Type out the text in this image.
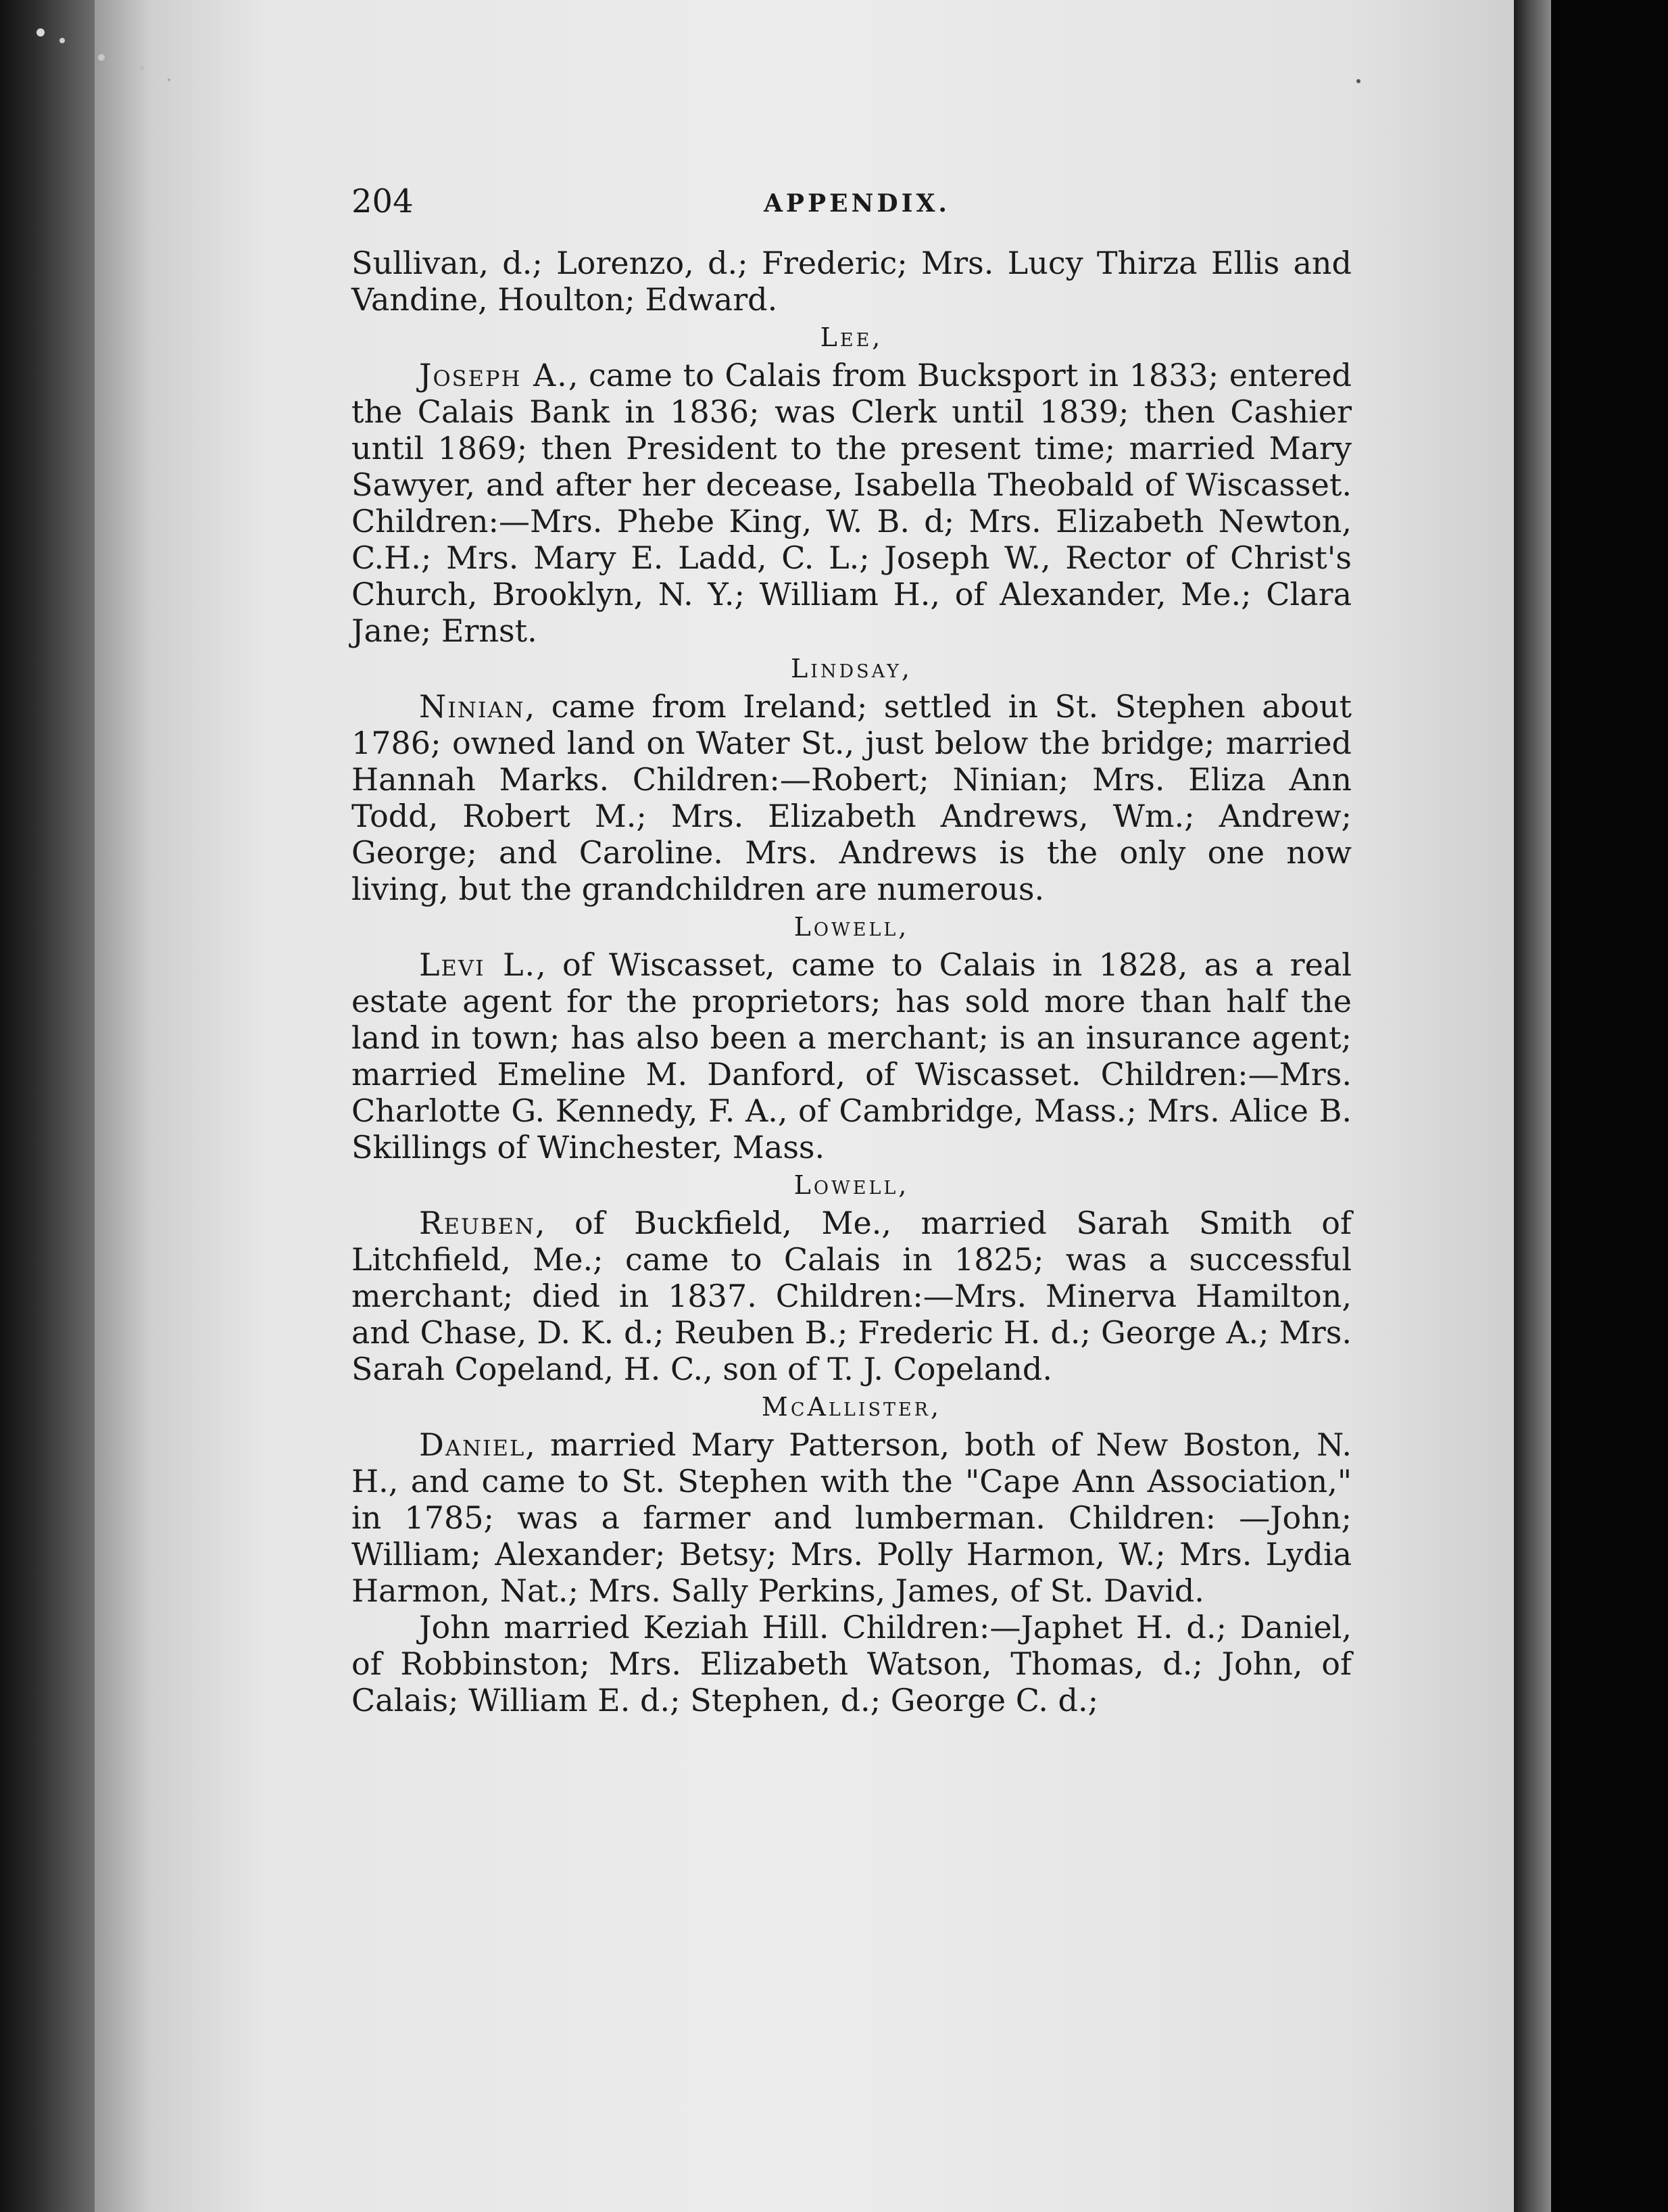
204	APPENDIX.

Sullivan, d.; Lorenzo, d.; Frederic; Mrs. Lucy Thirza Ellis and Vandine, Houlton; Edward.

Lee,

Joseph A., came to Calais from Bucksport in 1833; entered the Calais Bank in 1836; was Clerk until 1839; then Cashier until 1869; then President to the present time; married Mary Sawyer, and after her decease, Isabella Theobald of Wiscasset. Children:—Mrs. Phebe King, W. B. d; Mrs. Elizabeth Newton, C.H.; Mrs. Mary E. Ladd, C. L.; Joseph W., Rector of Christ's Church, Brooklyn, N. Y.; William H., of Alexander, Me.; Clara Jane; Ernst.

Lindsay,

Ninian, came from Ireland; settled in St. Stephen about 1786; owned land on Water St., just below the bridge; married Hannah Marks. Children:—Robert; Ninian; Mrs. Eliza Ann Todd, Robert M.; Mrs. Elizabeth Andrews, Wm.; Andrew; George; and Caroline. Mrs. Andrews is the only one now living, but the grandchildren are numerous.

Lowell,

Levi L., of Wiscasset, came to Calais in 1828, as a real estate agent for the proprietors; has sold more than half the land in town; has also been a merchant; is an insurance agent; married Emeline M. Danford, of Wiscasset. Children:—Mrs. Charlotte G. Kennedy, F. A., of Cambridge, Mass.; Mrs. Alice B. Skillings of Winchester, Mass.

Lowell,

Reuben, of Buckfield, Me., married Sarah Smith of Litchfield, Me.; came to Calais in 1825; was a successful merchant; died in 1837. Children:—Mrs. Minerva Hamilton, and Chase, D. K. d.; Reuben B.; Frederic H. d.; George A.; Mrs. Sarah Copeland, H. C., son of T. J. Copeland.

McAllister,

Daniel, married Mary Patterson, both of New Boston, N. H., and came to St. Stephen with the "Cape Ann Association," in 1785; was a farmer and lumberman. Children: —John; William; Alexander; Betsy; Mrs. Polly Harmon, W.; Mrs. Lydia Harmon, Nat.; Mrs. Sally Perkins, James, of St. David.

John married Keziah Hill. Children:—Japhet H. d.; Daniel, of Robbinston; Mrs. Elizabeth Watson, Thomas, d.; John, of Calais; William E. d.; Stephen, d.; George C. d.;
